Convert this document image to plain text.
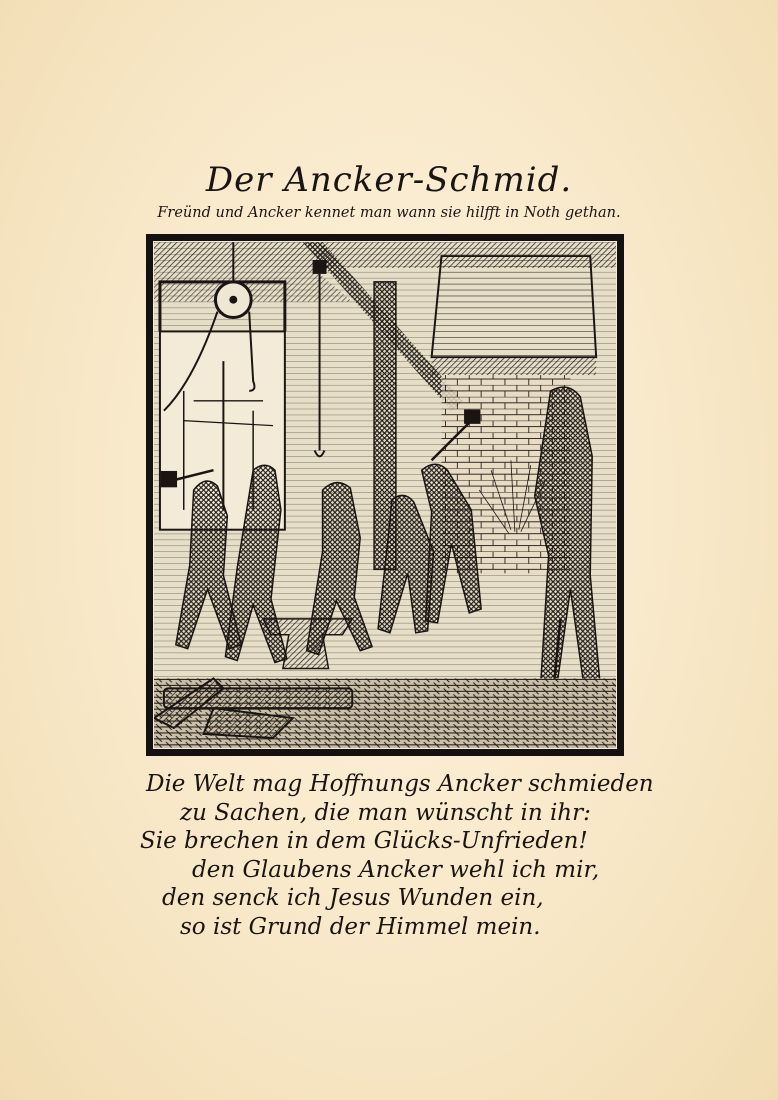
Der Ancker-Schmid.
Freünd und Ancker kennet man wann sie hilfft in Noth gethan.
Die Welt mag Hoffnungs Ancker schmieden
zu Sachen, die man wünscht in ihr:
Sie brechen in dem Glücks-Unfrieden!
den Glaubens Ancker wehl ich mir,
den senck ich Jesus Wunden ein,
so ist Grund der Himmel mein.
